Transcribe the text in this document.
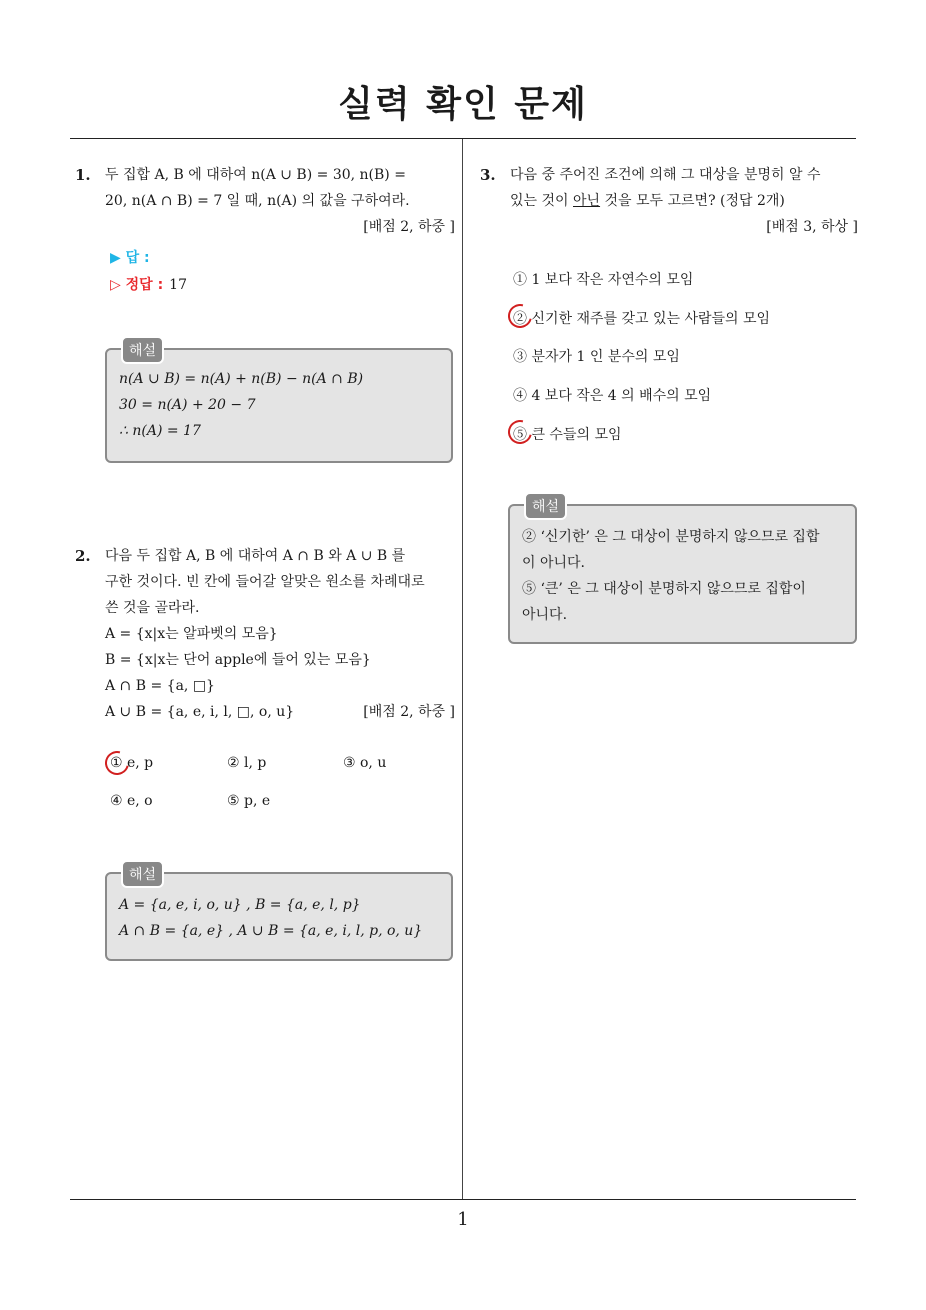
실력 확인 문제
1. 두 집합 A, B 에 대하여 n(A ∪ B) = 30, n(B) =
20, n(A ∩ B) = 7 일 때, n(A) 의 값을 구하여라.
[배점 2, 하중 ]
▶ 답 :
▷ 정답 : 17
해설
n(A ∪ B) = n(A) + n(B) − n(A ∩ B)
30 = n(A) + 20 − 7
∴ n(A) = 17
2. 다음 두 집합 A, B 에 대하여 A ∩ B 와 A ∪ B 를
구한 것이다. 빈 칸에 들어갈 알맞은 원소를 차례대로
쓴 것을 골라라.
A = {x|x는 알파벳의 모음}
B = {x|x는 단어 apple에 들어 있는 모음}
A ∩ B = {a, □}
A ∪ B = {a, e, i, l, □, o, u}	[배점 2, 하중 ]
① e, p	② l, p	③ o, u
④ e, o	⑤ p, e
해설
A = {a, e, i, o, u} , B = {a, e, l, p}
A ∩ B = {a, e} , A ∪ B = {a, e, i, l, p, o, u}
3. 다음 중 주어진 조건에 의해 그 대상을 분명히 알 수
있는 것이 아닌 것을 모두 고르면? (정답 2개)
[배점 3, 하상 ]
① 1 보다 작은 자연수의 모임
② 신기한 재주를 갖고 있는 사람들의 모임
③ 분자가 1 인 분수의 모임
④ 4 보다 작은 4 의 배수의 모임
⑤ 큰 수들의 모임
해설
② ‘신기한’ 은 그 대상이 분명하지 않으므로 집합
이 아니다.
⑤ ‘큰’ 은 그 대상이 분명하지 않으므로 집합이
아니다.
1
